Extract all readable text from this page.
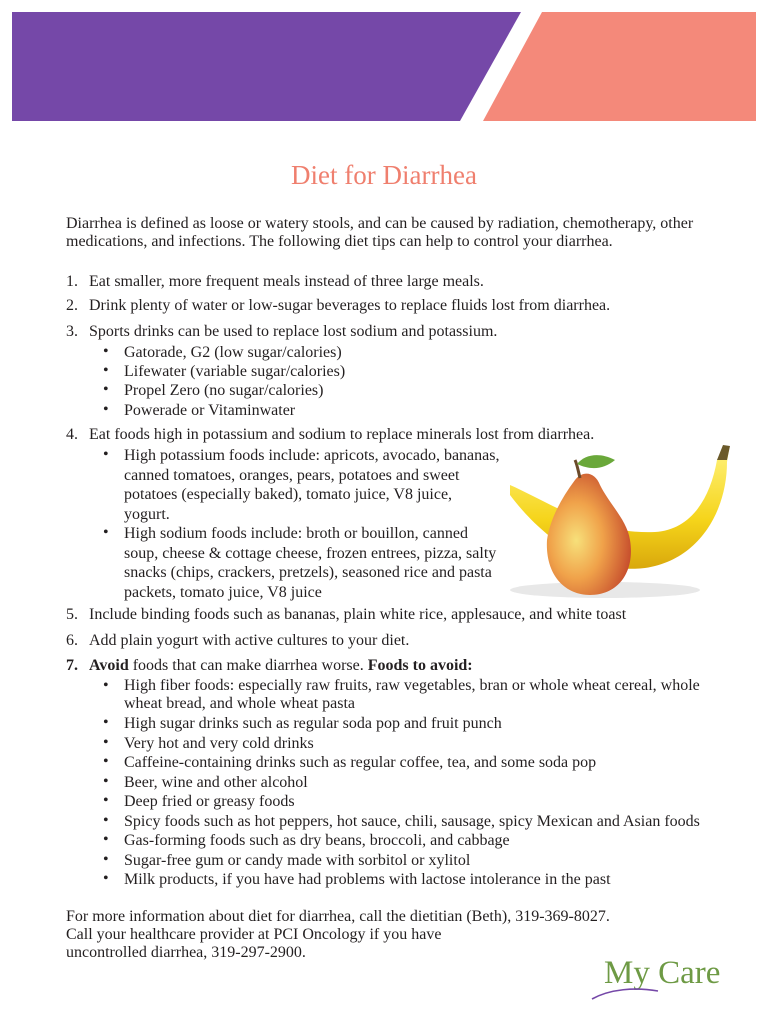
Diet for Diarrhea
Diarrhea is defined as loose or watery stools, and can be caused by radiation, chemotherapy, other
medications, and infections. The following diet tips can help to control your diarrhea.
1. Eat smaller, more frequent meals instead of three large meals.
2. Drink plenty of water or low-sugar beverages to replace fluids lost from diarrhea.
3. Sports drinks can be used to replace lost sodium and potassium.
• Gatorade, G2 (low sugar/calories)
• Lifewater (variable sugar/calories)
• Propel Zero (no sugar/calories)
• Powerade or Vitaminwater
4. Eat foods high in potassium and sodium to replace minerals lost from diarrhea.
• High potassium foods include: apricots, avocado, bananas,
canned tomatoes, oranges, pears, potatoes and sweet
potatoes (especially baked), tomato juice, V8 juice,
yogurt.
• High sodium foods include: broth or bouillon, canned
soup, cheese & cottage cheese, frozen entrees, pizza, salty
snacks (chips, crackers, pretzels), seasoned rice and pasta
packets, tomato juice, V8 juice
5. Include binding foods such as bananas, plain white rice, applesauce, and white toast
6. Add plain yogurt with active cultures to your diet.
7. Avoid foods that can make diarrhea worse. Foods to avoid:
• High fiber foods: especially raw fruits, raw vegetables, bran or whole wheat cereal, whole
wheat bread, and whole wheat pasta
• High sugar drinks such as regular soda pop and fruit punch
• Very hot and very cold drinks
• Caffeine-containing drinks such as regular coffee, tea, and some soda pop
• Beer, wine and other alcohol
• Deep fried or greasy foods
• Spicy foods such as hot peppers, hot sauce, chili, sausage, spicy Mexican and Asian foods
• Gas-forming foods such as dry beans, broccoli, and cabbage
• Sugar-free gum or candy made with sorbitol or xylitol
• Milk products, if you have had problems with lactose intolerance in the past
For more information about diet for diarrhea, call the dietitian (Beth), 319-369-8027.
Call your healthcare provider at PCI Oncology if you have
uncontrolled diarrhea, 319-297-2900.
My Care
